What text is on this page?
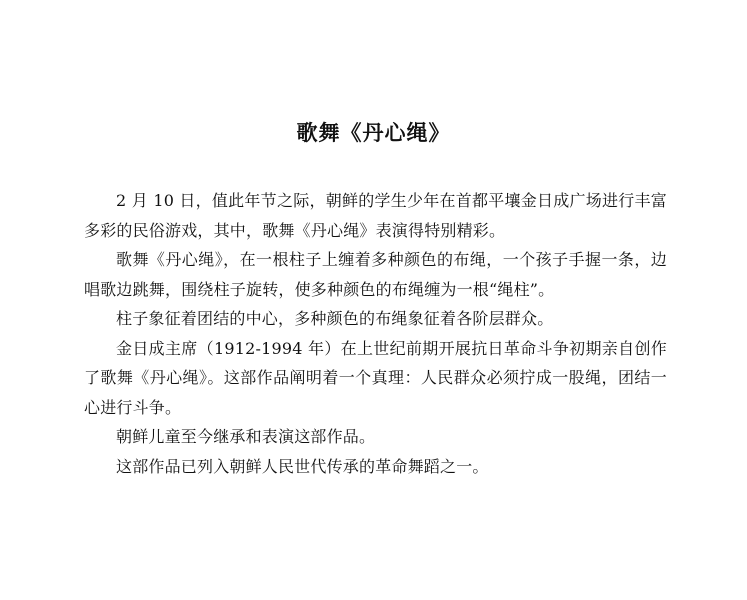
歌舞《丹心绳》

2 月 10 日，值此年节之际，朝鲜的学生少年在首都平壤金日成广场进行丰富多彩的民俗游戏，其中，歌舞《丹心绳》表演得特别精彩。

歌舞《丹心绳》，在一根柱子上缠着多种颜色的布绳，一个孩子手握一条，边唱歌边跳舞，围绕柱子旋转，使多种颜色的布绳缠为一根“绳柱”。

柱子象征着团结的中心，多种颜色的布绳象征着各阶层群众。

金日成主席（1912-1994 年）在上世纪前期开展抗日革命斗争初期亲自创作了歌舞《丹心绳》。这部作品阐明着一个真理：人民群众必须拧成一股绳，团结一心进行斗争。

朝鲜儿童至今继承和表演这部作品。

这部作品已列入朝鲜人民世代传承的革命舞蹈之一。
